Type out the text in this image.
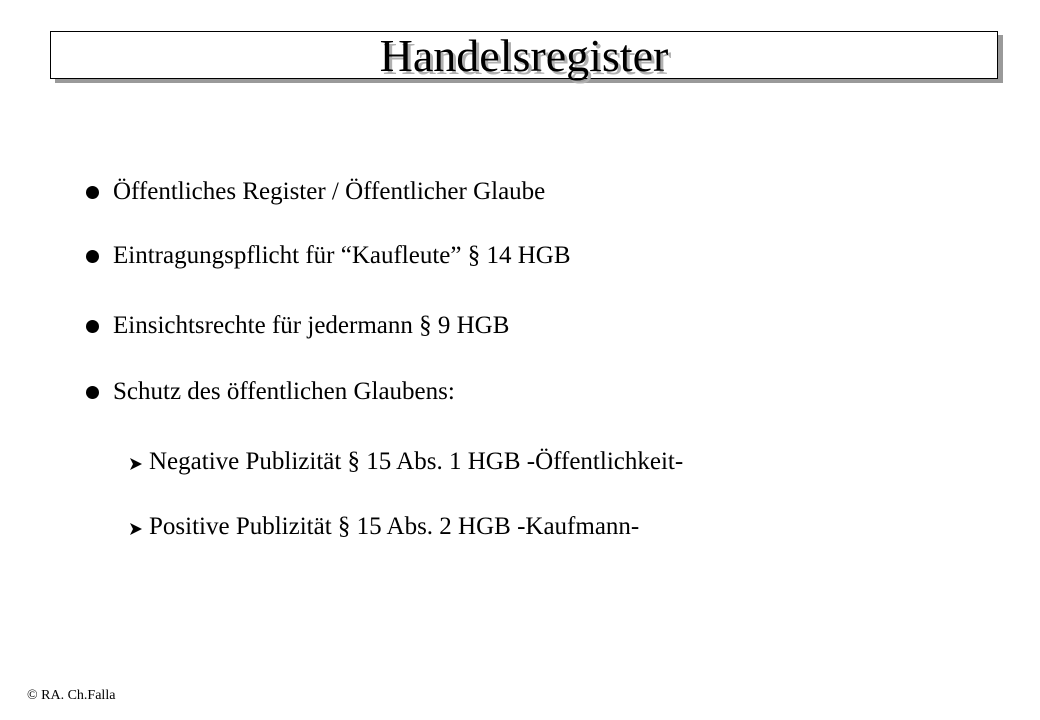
Handelsregister
Öffentliches Register / Öffentlicher Glaube
Eintragungspflicht für “Kaufleute” § 14 HGB
Einsichtsrechte für jedermann § 9 HGB
Schutz des öffentlichen Glaubens:
Negative Publizität § 15 Abs. 1 HGB -Öffentlichkeit-
Positive Publizität § 15 Abs. 2 HGB -Kaufmann-
© RA. Ch.Falla
